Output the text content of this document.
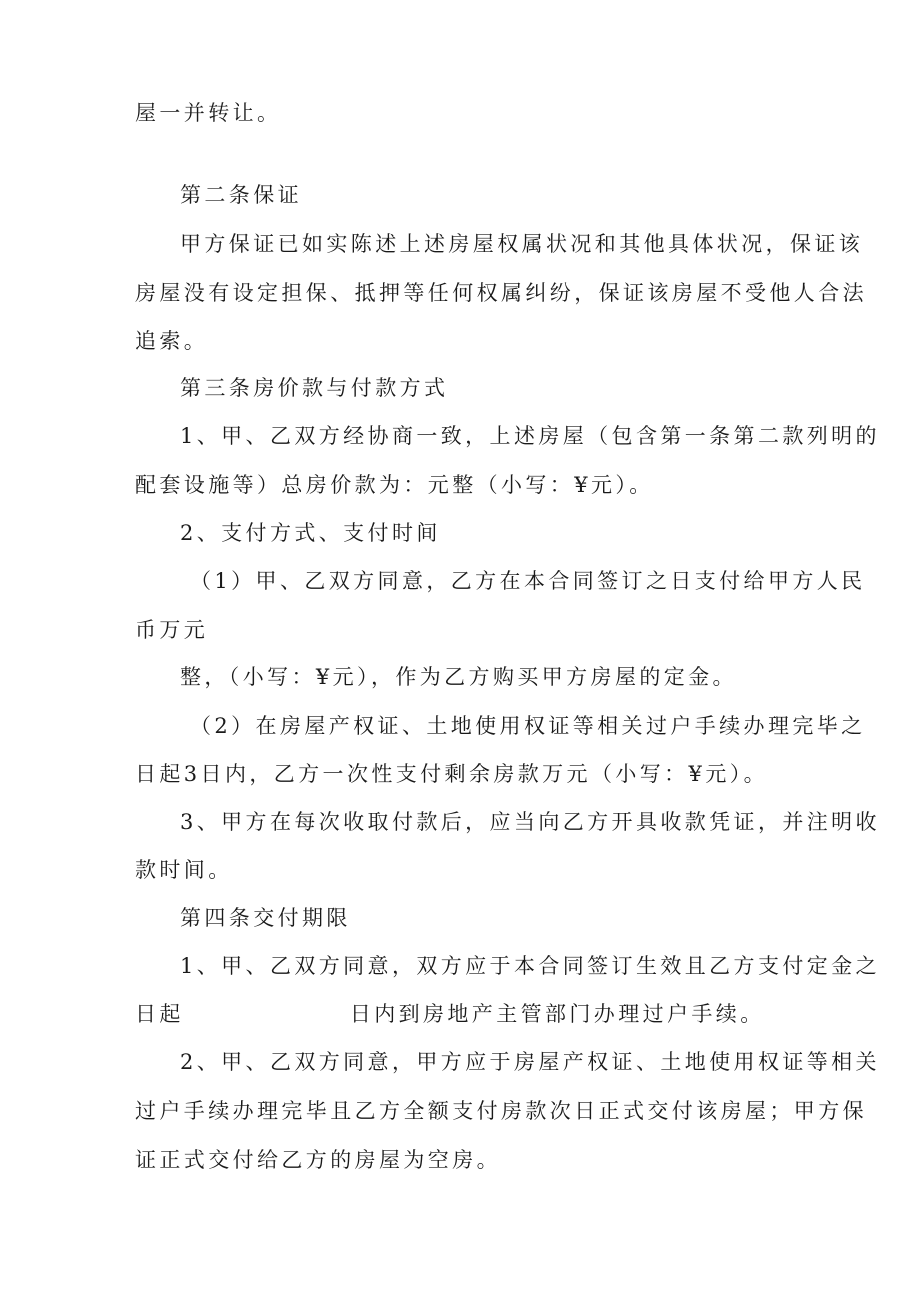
屋一并转让。
第二条保证
甲方保证已如实陈述上述房屋权属状况和其他具体状况，保证该
房屋没有设定担保、抵押等任何权属纠纷，保证该房屋不受他人合法
追索。
第三条房价款与付款方式
1、甲、乙双方经协商一致，上述房屋（包含第一条第二款列明的
配套设施等）总房价款为：元整（小写：¥元）。
2、支付方式、支付时间
（1）甲、乙双方同意，乙方在本合同签订之日支付给甲方人民
币万元
整，（小写：¥元），作为乙方购买甲方房屋的定金。
（2）在房屋产权证、土地使用权证等相关过户手续办理完毕之
日起3日内，乙方一次性支付剩余房款万元（小写：¥元）。
3、甲方在每次收取付款后，应当向乙方开具收款凭证，并注明收
款时间。
第四条交付期限
1、甲、乙双方同意，双方应于本合同签订生效且乙方支付定金之
日起	日内到房地产主管部门办理过户手续。
2、甲、乙双方同意，甲方应于房屋产权证、土地使用权证等相关
过户手续办理完毕且乙方全额支付房款次日正式交付该房屋；甲方保
证正式交付给乙方的房屋为空房。
